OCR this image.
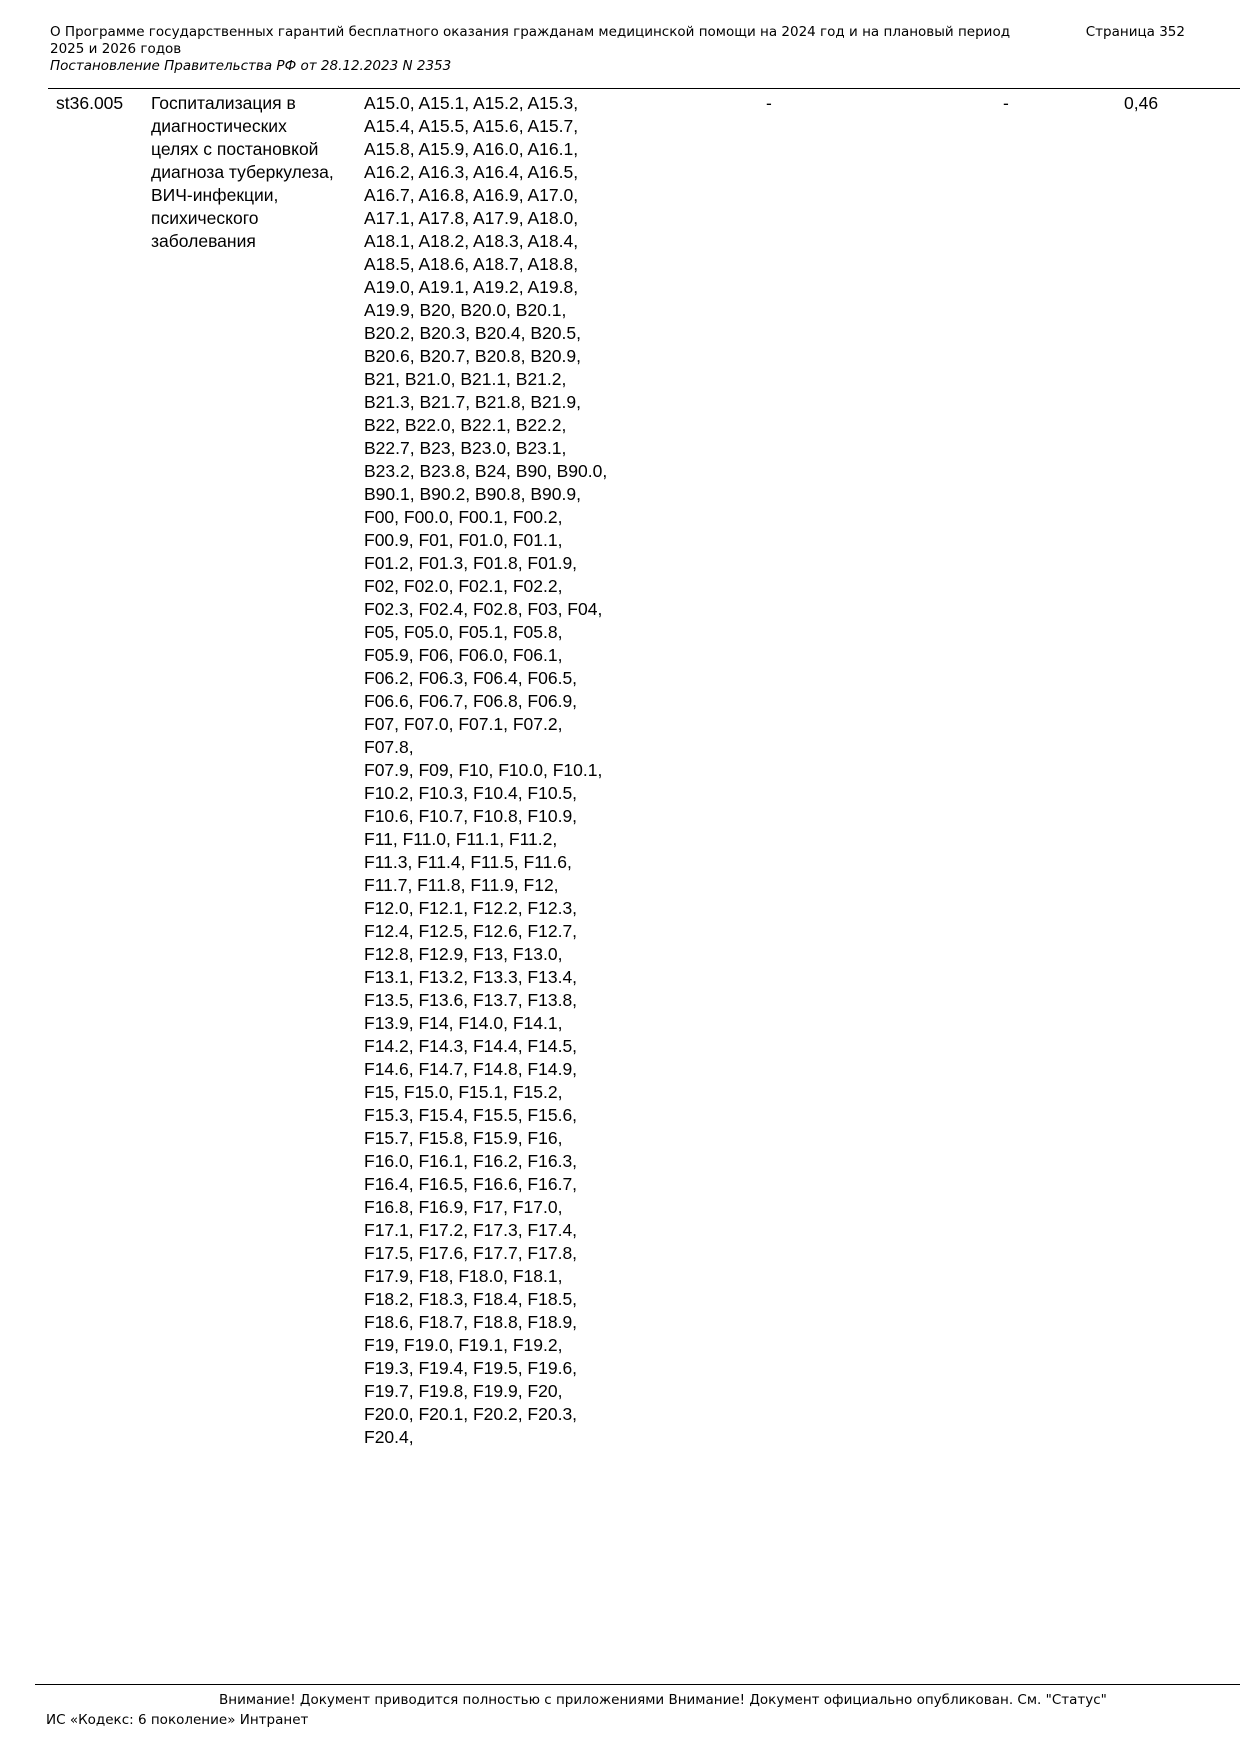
О Программе государственных гарантий бесплатного оказания гражданам медицинской помощи на 2024 год и на плановый период 2025 и 2026 годов
Постановление Правительства РФ от 28.12.2023 N 2353
Страница 352
st36.005 Госпитализация в
диагностических
целях с постановкой
диагноза туберкулеза,
ВИЧ-инфекции,
психического
заболевания
A15.0, A15.1, A15.2, A15.3,
A15.4, A15.5, A15.6, A15.7,
A15.8, A15.9, A16.0, A16.1,
A16.2, A16.3, A16.4, A16.5,
A16.7, A16.8, A16.9, A17.0,
A17.1, A17.8, A17.9, A18.0,
A18.1, A18.2, A18.3, A18.4,
A18.5, A18.6, A18.7, A18.8,
A19.0, A19.1, A19.2, A19.8,
A19.9, B20, B20.0, B20.1,
B20.2, B20.3, B20.4, B20.5,
B20.6, B20.7, B20.8, B20.9,
B21, B21.0, B21.1, B21.2,
B21.3, B21.7, B21.8, B21.9,
B22, B22.0, B22.1, B22.2,
B22.7, B23, B23.0, B23.1,
B23.2, B23.8, B24, B90, B90.0,
B90.1, B90.2, B90.8, B90.9,
F00, F00.0, F00.1, F00.2,
F00.9, F01, F01.0, F01.1,
F01.2, F01.3, F01.8, F01.9,
F02, F02.0, F02.1, F02.2,
F02.3, F02.4, F02.8, F03, F04,
F05, F05.0, F05.1, F05.8,
F05.9, F06, F06.0, F06.1,
F06.2, F06.3, F06.4, F06.5,
F06.6, F06.7, F06.8, F06.9,
F07, F07.0, F07.1, F07.2,
F07.8,
F07.9, F09, F10, F10.0, F10.1,
F10.2, F10.3, F10.4, F10.5,
F10.6, F10.7, F10.8, F10.9,
F11, F11.0, F11.1, F11.2,
F11.3, F11.4, F11.5, F11.6,
F11.7, F11.8, F11.9, F12,
F12.0, F12.1, F12.2, F12.3,
F12.4, F12.5, F12.6, F12.7,
F12.8, F12.9, F13, F13.0,
F13.1, F13.2, F13.3, F13.4,
F13.5, F13.6, F13.7, F13.8,
F13.9, F14, F14.0, F14.1,
F14.2, F14.3, F14.4, F14.5,
F14.6, F14.7, F14.8, F14.9,
F15, F15.0, F15.1, F15.2,
F15.3, F15.4, F15.5, F15.6,
F15.7, F15.8, F15.9, F16,
F16.0, F16.1, F16.2, F16.3,
F16.4, F16.5, F16.6, F16.7,
F16.8, F16.9, F17, F17.0,
F17.1, F17.2, F17.3, F17.4,
F17.5, F17.6, F17.7, F17.8,
F17.9, F18, F18.0, F18.1,
F18.2, F18.3, F18.4, F18.5,
F18.6, F18.7, F18.8, F18.9,
F19, F19.0, F19.1, F19.2,
F19.3, F19.4, F19.5, F19.6,
F19.7, F19.8, F19.9, F20,
F20.0, F20.1, F20.2, F20.3,
F20.4,
-	-	0,46
Внимание! Документ приводится полностью с приложениями Внимание! Документ официально опубликован. См. "Статус"
ИС «Кодекс: 6 поколение» Интранет
